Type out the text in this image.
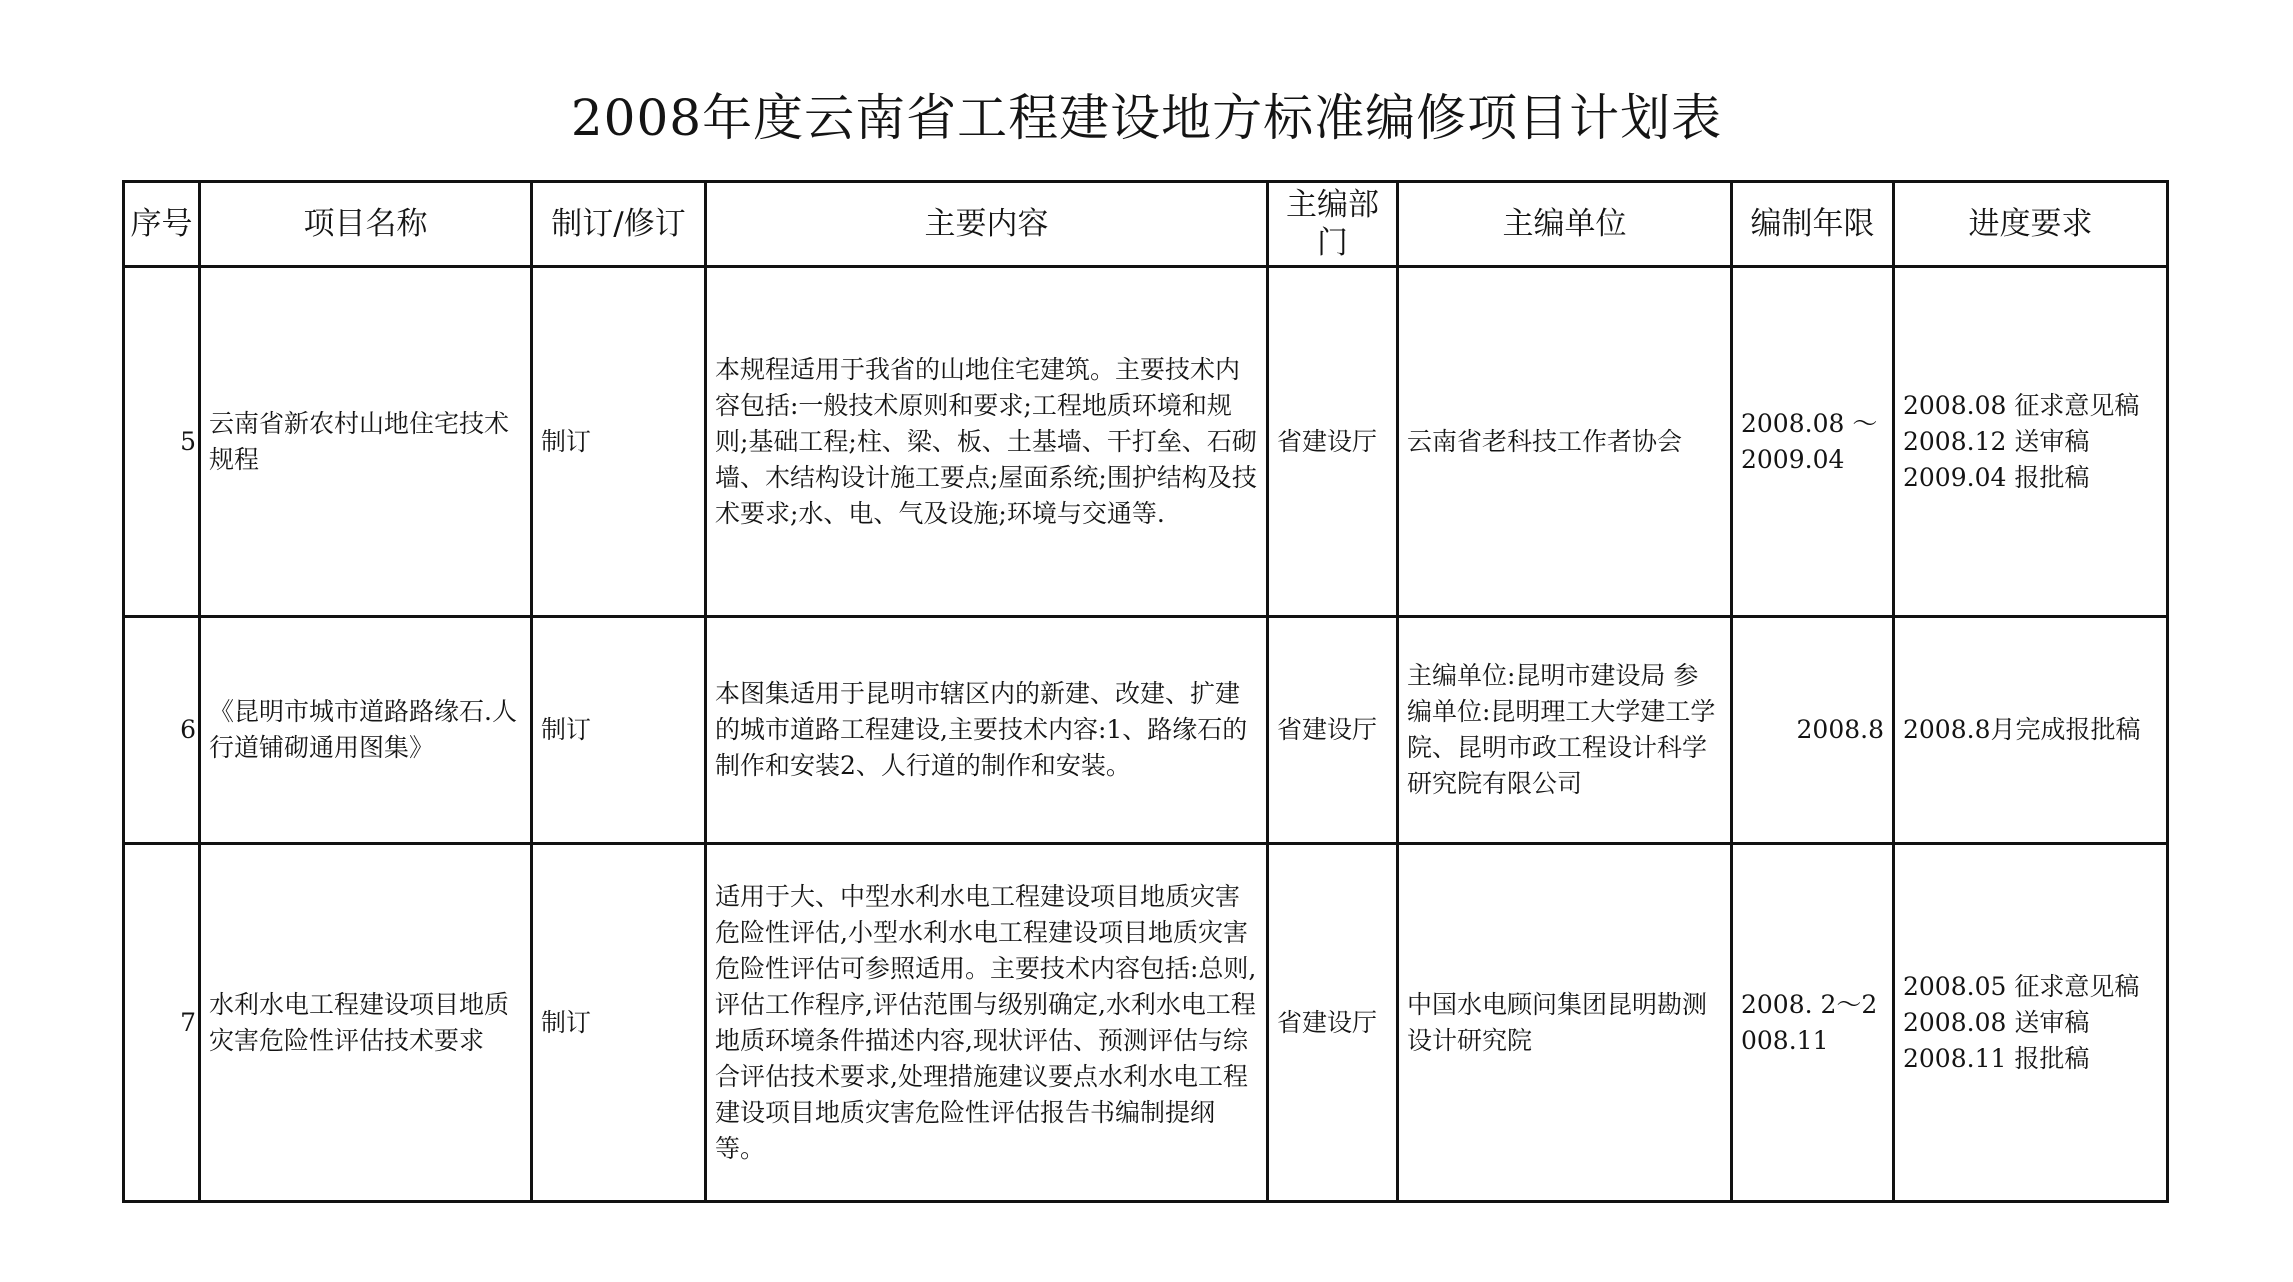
2008年度云南省工程建设地方标准编修项目计划表
序号	项目名称	制订/修订	主要内容	主编部门	主编单位	编制年限	进度要求
5	云南省新农村山地住宅技术规程	制订	本规程适用于我省的山地住宅建筑。主要技术内容包括:一般技术原则和要求;工程地质环境和规则;基础工程;柱、梁、板、土基墙、干打垒、石砌墙、木结构设计施工要点;屋面系统;围护结构及技术要求;水、电、气及设施;环境与交通等.	省建设厅	云南省老科技工作者协会	2008.08 ～2009.04	2008.08 征求意见稿
2008.12 送审稿
2009.04 报批稿

6	《昆明市城市道路路缘石.人行道铺砌通用图集》	制订	本图集适用于昆明市辖区内的新建、改建、扩建的城市道路工程建设,主要技术内容:1、路缘石的制作和安装2、人行道的制作和安装。	省建设厅	主编单位:昆明市建设局 参编单位:昆明理工大学建工学院、昆明市政工程设计科学研究院有限公司	2008.8	2008.8月完成报批稿

7	水利水电工程建设项目地质灾害危险性评估技术要求	制订	适用于大、中型水利水电工程建设项目地质灾害危险性评估,小型水利水电工程建设项目地质灾害危险性评估可参照适用。主要技术内容包括:总则,评估工作程序,评估范围与级别确定,水利水电工程地质环境条件描述内容,现状评估、预测评估与综合评估技术要求,处理措施建议要点水利水电工程建设项目地质灾害危险性评估报告书编制提纲等。	省建设厅	中国水电顾问集团昆明勘测设计研究院	2008. 2～2008.11	2008.05 征求意见稿
2008.08 送审稿
2008.11 报批稿
